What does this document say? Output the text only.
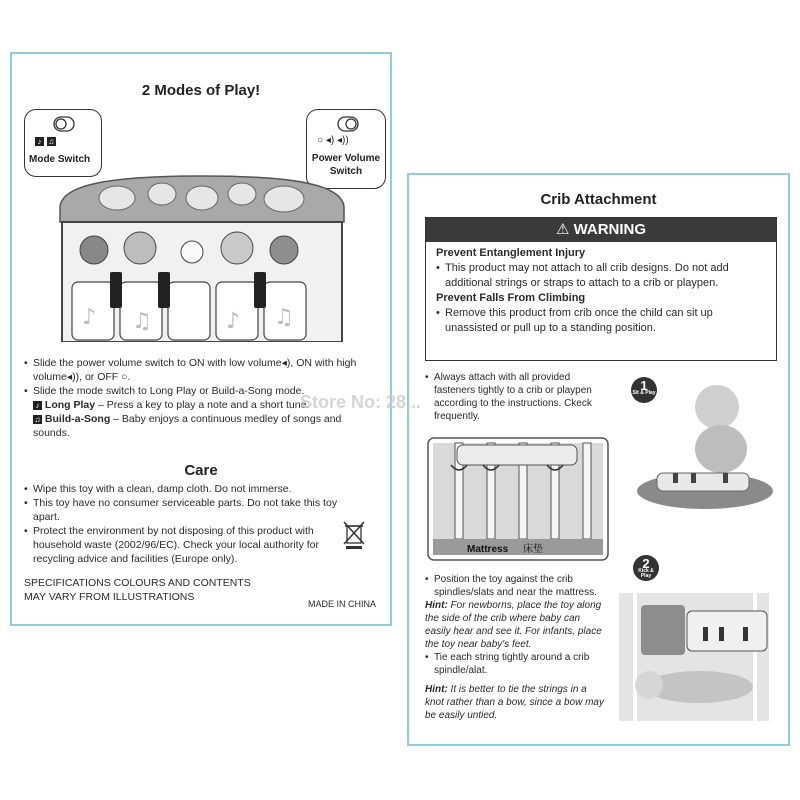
2 Modes of Play!
♪ ♫
Mode Switch
○ ◂) ◂))
Power Volume
Switch
♪ ♫	♪ ♫
• Slide the power volume switch to ON with low volume◂), ON with high volume◂)), or OFF ○.
• Slide the mode switch to Long Play or Build-a-Song mode.
♪ Long Play – Press a key to play a note and a short tune.
♫ Build-a-Song – Baby enjoys a continuous medley of songs and sounds.
Care
• Wipe this toy with a clean, damp cloth. Do not immerse.
• This toy have no consumer serviceable parts. Do not take this toy apart.
• Protect the environment by not disposing of this product with household waste (2002/96/EC). Check your local authority for recycling advice and facilities (Europe only).
SPECIFICATIONS COLOURS AND CONTENTS
MAY VARY FROM ILLUSTRATIONS
MADE IN CHINA
Crib Attachment
⚠ WARNING
Prevent Entanglement Injury
• This product may not attach to all crib designs. Do not add additional strings or straps to attach to a crib or playpen.
Prevent Falls From Climbing
• Remove this product from crib once the child can sit up unassisted or pull up to a standing position.
• Always attach with all provided fasteners tightly to a crib or playpen according to the instructions. Ckeck frequently.
Mattress 床垫
1
Sit & Play
2
Kick & Play
• Position the toy against the crib spindles/slats and near the mattress.
Hint: For newborns, place the toy along the side of the crib where baby can easily hear and see it. For infants, place the toy near baby's feet.
• Tie each string tightly around a crib spindle/alat.
Hint: It is better to tie the strings in a knot rather than a bow, since a bow may be easily untied.
Store No: 28...
